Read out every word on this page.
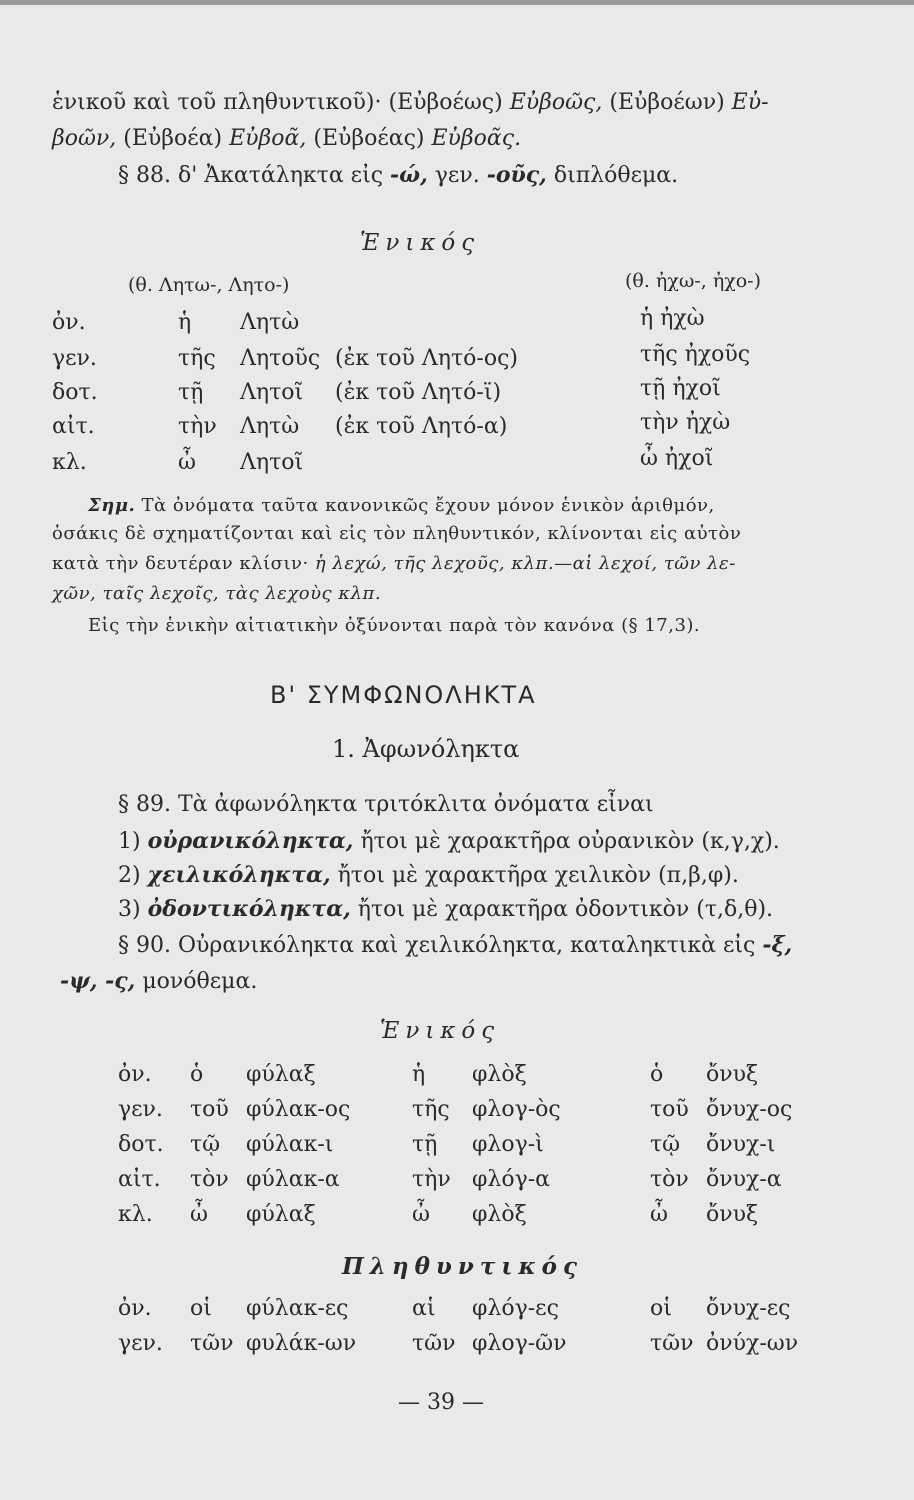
ἑνικοῦ καὶ τοῦ πληθυντικοῦ)· (Εὐβοέως) Εὐβοῶς, (Εὐβοέων) Εὐ-
βοῶν, (Εὐβοέα) Εὐβοᾶ, (Εὐβοέας) Εὐβοᾶς.
§ 88. δ' Ἀκατάληκτα εἰς -ώ, γεν. -οῦς, διπλόθεμα.
Ἑνικός
(θ. Λητω-, Λητο-)	(θ. ἠχω-, ἠχο-)
ὀν.	ἡ Λητὼ	ἡ ἠχὼ
γεν.	τῆς Λητοῦς (ἐκ τοῦ Λητό-ος)	τῆς ἠχοῦς
δοτ.	τῇ Λητοῖ (ἐκ τοῦ Λητό-ϊ)	τῇ ἠχοῖ
αἰτ.	τὴν Λητὼ (ἐκ τοῦ Λητό-α)	τὴν ἠχὼ
κλ.	ὦ Λητοῖ	ὦ ἠχοῖ
Σημ. Τὰ ὀνόματα ταῦτα κανονικῶς ἔχουν μόνον ἑνικὸν ἀριθμόν,
ὁσάκις δὲ σχηματίζονται καὶ εἰς τὸν πληθυντικόν, κλίνονται εἰς αὐτὸν
κατὰ τὴν δευτέραν κλίσιν· ἡ λεχώ, τῆς λεχοῦς, κλπ.—αἱ λεχοί, τῶν λε-
χῶν, ταῖς λεχοῖς, τὰς λεχοὺς κλπ.
Εἰς τὴν ἑνικὴν αἰτιατικὴν ὀξύνονται παρὰ τὸν κανόνα (§ 17,3).
Β' ΣΥΜΦΩΝΟΛΗΚΤΑ
1. Ἀφωνόληκτα
§ 89. Τὰ ἀφωνόληκτα τριτόκλιτα ὀνόματα εἶναι
1) οὐρανικόληκτα, ἤτοι μὲ χαρακτῆρα οὐρανικὸν (κ,γ,χ).
2) χειλικόληκτα, ἤτοι μὲ χαρακτῆρα χειλικὸν (π,β,φ).
3) ὀδοντικόληκτα, ἤτοι μὲ χαρακτῆρα ὀδοντικὸν (τ,δ,θ).
§ 90. Οὐρανικόληκτα καὶ χειλικόληκτα, καταληκτικὰ εἰς -ξ,
-ψ, -ς, μονόθεμα.
Ἑνικός
ὀν. ὁ φύλαξ	ἡ φλὸξ	ὁ ὄνυξ
γεν. τοῦ φύλακ-ος	τῆς φλογ-ὸς	τοῦ ὄνυχ-ος
δοτ. τῷ φύλακ-ι	τῇ φλογ-ὶ	τῷ ὄνυχ-ι
αἰτ. τὸν φύλακ-α	τὴν φλόγ-α	τὸν ὄνυχ-α
κλ. ὦ φύλαξ	ὦ φλὸξ	ὦ ὄνυξ
Πληθυντικός
ὀν. οἱ φύλακ-ες	αἱ φλόγ-ες	οἱ ὄνυχ-ες
γεν. τῶν φυλάκ-ων	τῶν φλογ-ῶν	τῶν ὀνύχ-ων
— 39 —
